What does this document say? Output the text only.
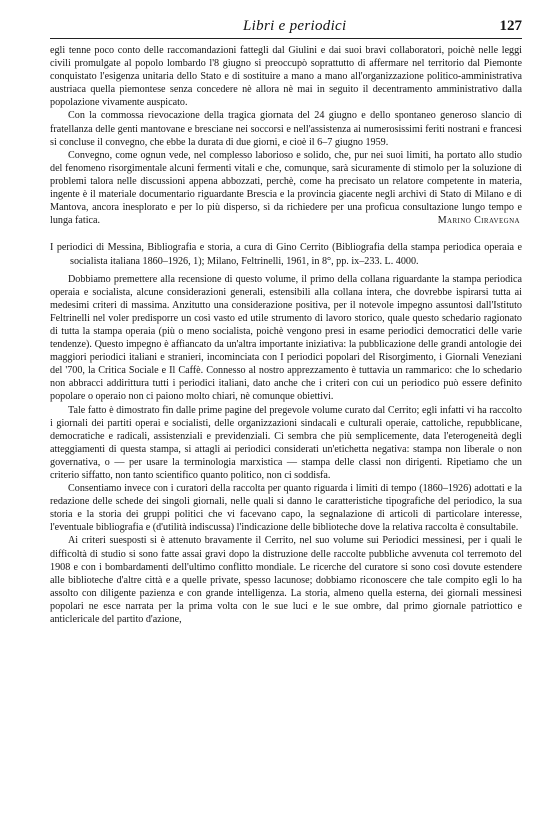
Libri e periodici	127

egli tenne poco conto delle raccomandazioni fattegli dal Giulini e dai suoi bravi collaboratori, poichè nelle leggi civili promulgate al popolo lombardo l'8 giugno si preoccupò soprattutto di affermare nel territorio dal Piemonte conquistato l'esigenza unitaria dello Stato e di sostituire a mano a mano all'organizzazione politico-amministrativa austriaca quella piemontese senza concedere nè allora nè mai in seguito il decentramento amministrativo dalla popolazione vivamente auspicato.

Con la commossa rievocazione della tragica giornata del 24 giugno e dello spontaneo generoso slancio di fratellanza delle genti mantovane e bresciane nei soccorsi e nell'assistenza ai numerosissimi feriti nostrani e francesi si concluse il convegno, che ebbe la durata di due giorni, e cioè il 6–7 giugno 1959.

Convegno, come ognun vede, nel complesso laborioso e solido, che, pur nei suoi limiti, ha portato allo studio del fenomeno risorgimentale alcuni fermenti vitali e che, comunque, sarà sicuramente di stimolo per la soluzione di problemi talora nelle discussioni appena abbozzati, perchè, come ha precisato un relatore competente in materia, ingente è il materiale documentario riguardante Brescia e la provincia giacente negli archivi di Stato di Milano e di Mantova, ancora inesplorato e per lo più disperso, sì da richiedere per una proficua consultazione lungo tempo e lunga fatica.	Marino Ciravegna

I periodici di Messina, Bibliografia e storia, a cura di Gino Cerrito (Bibliografia della stampa periodica operaia e socialista italiana 1860–1926, 1); Milano, Feltrinelli, 1961, in 8°, pp. ix–233. L. 4000.

Dobbiamo premettere alla recensione di questo volume, il primo della collana riguardante la stampa periodica operaia e socialista, alcune considerazioni generali, estensibili alla collana intera, che dovrebbe ispirarsi tutta ai medesimi criteri di massima. Anzitutto una considerazione positiva, per il notevole impegno assuntosi dall'Istituto Feltrinelli nel voler predisporre un così vasto ed utile strumento di lavoro storico, quale questo schedario ragionato di tutta la stampa operaia (più o meno socialista, poichè vengono presi in esame periodici democratici delle varie tendenze). Questo impegno è affiancato da un'altra importante iniziativa: la pubblicazione delle grandi antologie dei maggiori periodici italiani e stranieri, incominciata con I periodici popolari del Risorgimento, i Giornali Veneziani del '700, la Critica Sociale e Il Caffè. Connesso al nostro apprezzamento è tuttavia un rammarico: che lo schedario non abbracci addirittura tutti i periodici italiani, dato anche che i criteri con cui un periodico può essere definito popolare o operaio non ci paiono molto chiari, nè comunque obiettivi.

Tale fatto è dimostrato fin dalle prime pagine del pregevole volume curato dal Cerrito; egli infatti vi ha raccolto i giornali dei partiti operai e socialisti, delle organizzazioni sindacali e culturali operaie, cattoliche, repubblicane, democratiche e radicali, assistenziali e previdenziali. Ci sembra che più semplicemente, data l'eterogeneità degli atteggiamenti di questa stampa, si attagli ai periodici considerati un'etichetta negativa: stampa non liberale o non governativa, o — per usare la terminologia marxistica — stampa delle classi non dirigenti. Ripetiamo che un criterio siffatto, non tanto scientifico quanto politico, non ci soddisfa.

Consentiamo invece con i curatori della raccolta per quanto riguarda i limiti di tempo (1860–1926) adottati e la redazione delle schede dei singoli giornali, nelle quali si danno le caratteristiche tipografiche del periodico, la sua storia e la storia dei gruppi politici che vi facevano capo, la segnalazione di articoli di particolare interesse, l'eventuale bibliografia e (d'utilità indiscussa) l'indicazione delle biblioteche dove la relativa raccolta è consultabile.

Ai criteri suesposti si è attenuto bravamente il Cerrito, nel suo volume sui Periodici messinesi, per i quali le difficoltà di studio si sono fatte assai gravi dopo la distruzione delle raccolte pubbliche avvenuta col terremoto del 1908 e con i bombardamenti dell'ultimo conflitto mondiale. Le ricerche del curatore si sono così dovute estendere alle biblioteche d'altre città e a quelle private, spesso lacunose; dobbiamo riconoscere che tale compito egli lo ha assolto con diligente pazienza e con grande intelligenza. La storia, almeno quella esterna, dei giornali messinesi popolari ne esce narrata per la prima volta con le sue luci e le sue ombre, dal primo giornale patriottico e anticlericale del partito d'azione,
